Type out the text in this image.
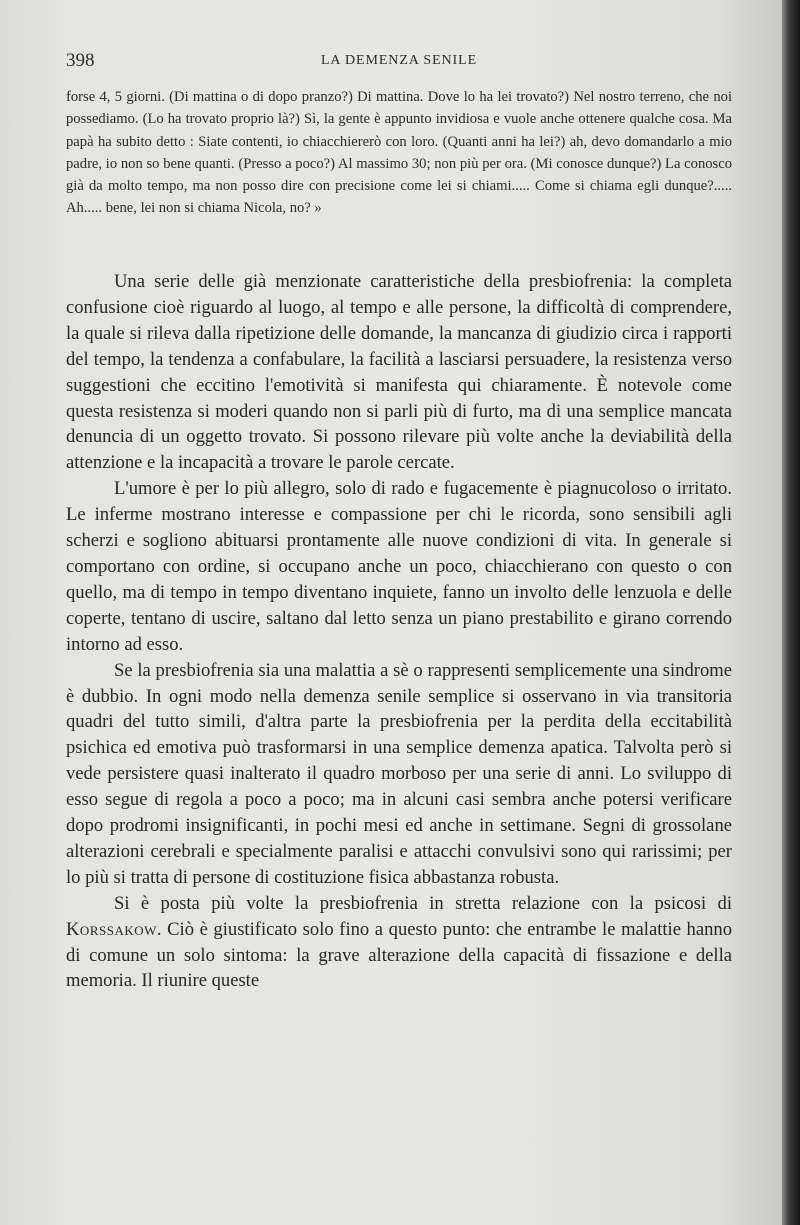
398	LA DEMENZA SENILE
forse 4, 5 giorni. (Di mattina o di dopo pranzo?) Di mattina. Dove lo ha lei trovato?) Nel nostro terreno, che noi possediamo. (Lo ha trovato proprio là?) Sì, la gente è appunto invidiosa e vuole anche ottenere qualche cosa. Ma papà ha subito detto : Siate contenti, io chiacchiererò con loro. (Quanti anni ha lei?) ah, devo domandarlo a mio padre, io non so bene quanti. (Presso a poco?) Al massimo 30; non più per ora. (Mi conosce dunque?) La conosco già da molto tempo, ma non posso dire con precisione come lei si chiami..... Come si chiama egli dunque?..... Ah..... bene, lei non si chiama Nicola, no? »

Una serie delle già menzionate caratteristiche della presbiofrenia: la completa confusione cioè riguardo al luogo, al tempo e alle persone, la difficoltà di comprendere, la quale si rileva dalla ripetizione delle domande, la mancanza di giudizio circa i rapporti del tempo, la tendenza a confabulare, la facilità a lasciarsi persuadere, la resistenza verso suggestioni che eccitino l'emotività si manifesta qui chiaramente. È notevole come questa resistenza si moderi quando non si parli più di furto, ma di una semplice mancata denuncia di un oggetto trovato. Si possono rilevare più volte anche la deviabilità della attenzione e la incapacità a trovare le parole cercate.

L'umore è per lo più allegro, solo di rado e fugacemente è piagnucoloso o irritato. Le inferme mostrano interesse e compassione per chi le ricorda, sono sensibili agli scherzi e sogliono abituarsi prontamente alle nuove condizioni di vita. In generale si comportano con ordine, si occupano anche un poco, chiacchierano con questo o con quello, ma di tempo in tempo diventano inquiete, fanno un involto delle lenzuola e delle coperte, tentano di uscire, saltano dal letto senza un piano prestabilito e girano correndo intorno ad esso.

Se la presbiofrenia sia una malattia a sè o rappresenti semplicemente una sindrome è dubbio. In ogni modo nella demenza senile semplice si osservano in via transitoria quadri del tutto simili, d'altra parte la presbiofrenia per la perdita della eccitabilità psichica ed emotiva può trasformarsi in una semplice demenza apatica. Talvolta però si vede persistere quasi inalterato il quadro morboso per una serie di anni. Lo sviluppo di esso segue di regola a poco a poco; ma in alcuni casi sembra anche potersi verificare dopo prodromi insignificanti, in pochi mesi ed anche in settimane. Segni di grossolane alterazioni cerebrali e specialmente paralisi e attacchi convulsivi sono qui rarissimi; per lo più si tratta di persone di costituzione fisica abbastanza robusta.

Si è posta più volte la presbiofrenia in stretta relazione con la psicosi di Korssakow. Ciò è giustificato solo fino a questo punto: che entrambe le malattie hanno di comune un solo sintoma: la grave alterazione della capacità di fissazione e della memoria. Il riunire queste
